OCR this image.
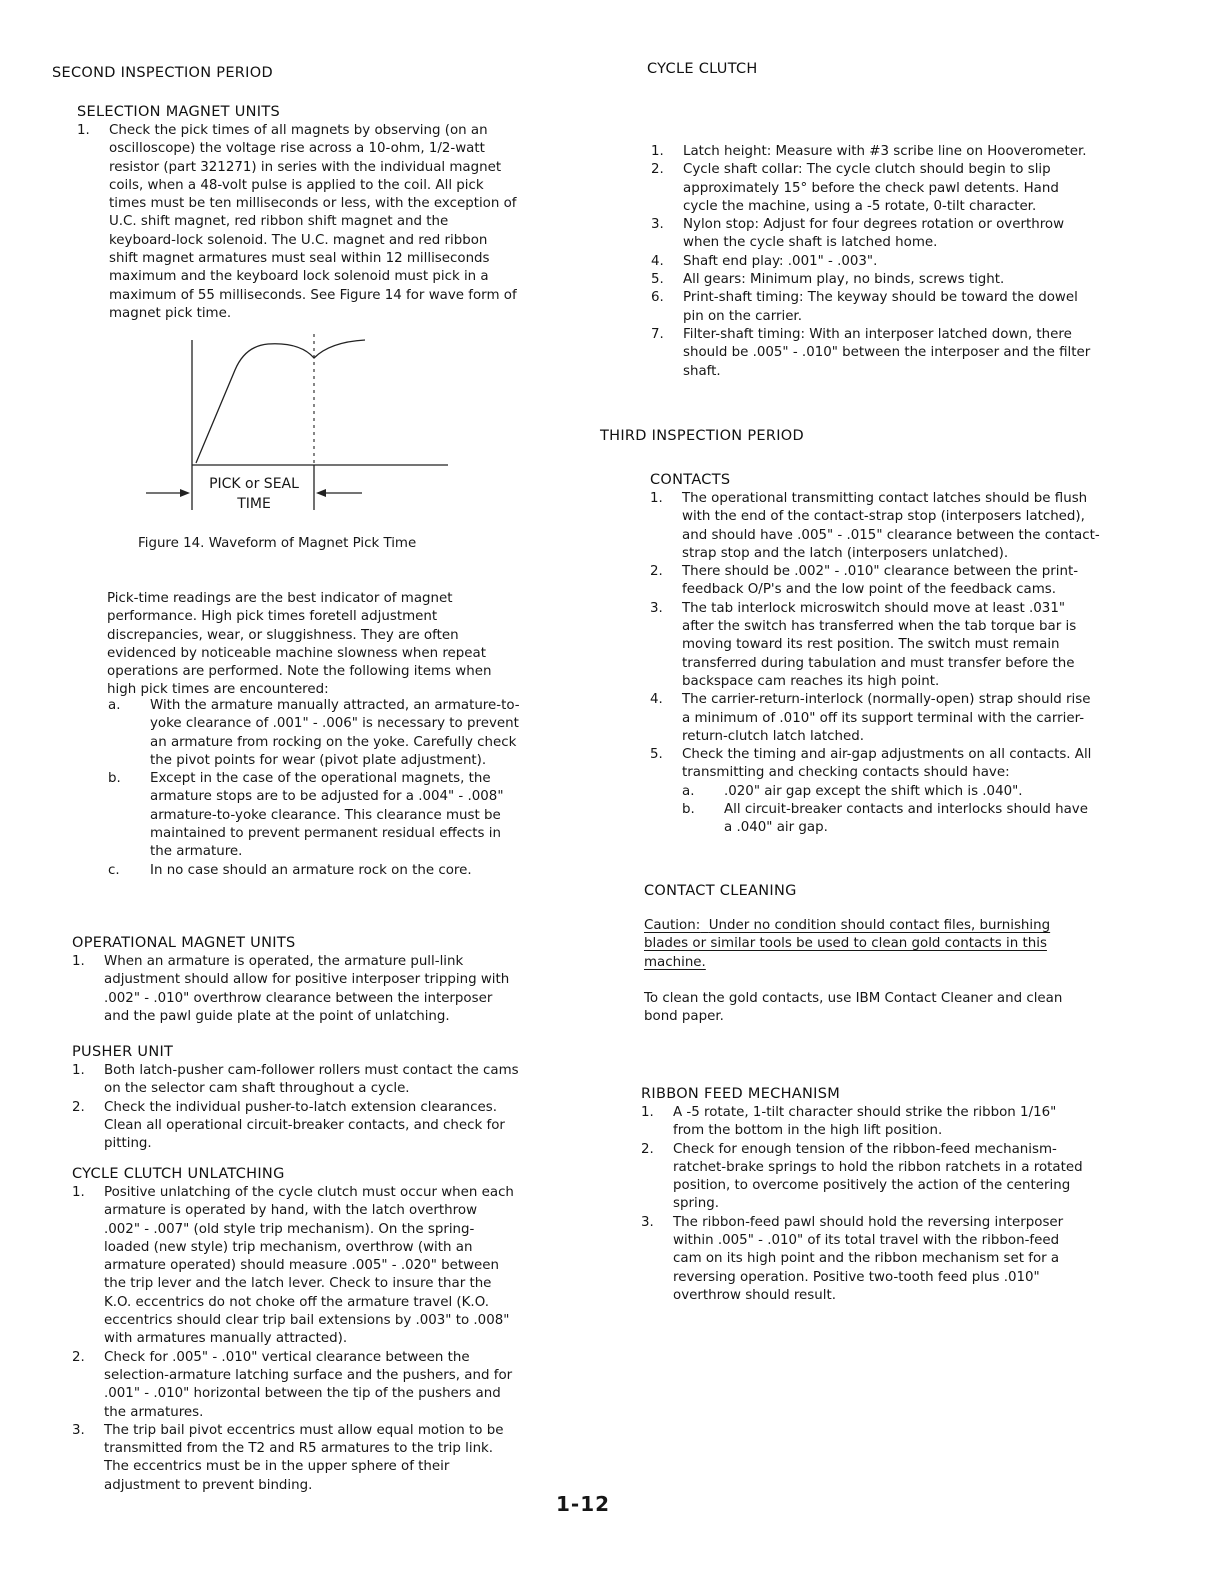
SECOND INSPECTION PERIOD
SELECTION MAGNET UNITS
1. Check the pick times of all magnets by observing (on an oscilloscope) the voltage rise across a 10-ohm, 1/2-watt resistor (part 321271) in series with the individual magnet coils, when a 48-volt pulse is applied to the coil. All pick times must be ten milliseconds or less, with the exception of U.C. shift magnet, red ribbon shift magnet and the keyboard-lock solenoid. The U.C. magnet and red ribbon shift magnet armatures must seal within 12 milliseconds maximum and the keyboard lock solenoid must pick in a maximum of 55 milliseconds. See Figure 14 for wave form of magnet pick time.
PICK or SEAL
TIME
Figure 14. Waveform of Magnet Pick Time

Pick-time readings are the best indicator of magnet performance. High pick times foretell adjustment discrepancies, wear, or sluggishness. They are often evidenced by noticeable machine slowness when repeat operations are performed. Note the following items when high pick times are encountered:

a. With the armature manually attracted, an armature-to-yoke clearance of .001" - .006" is necessary to prevent an armature from rocking on the yoke. Carefully check the pivot points for wear (pivot plate adjustment).
b. Except in the case of the operational magnets, the armature stops are to be adjusted for a .004" - .008" armature-to-yoke clearance. This clearance must be maintained to prevent permanent residual effects in the armature.
c. In no case should an armature rock on the core.
OPERATIONAL MAGNET UNITS
1. When an armature is operated, the armature pull-link adjustment should allow for positive interposer tripping with .002" - .010" overthrow clearance between the interposer and the pawl guide plate at the point of unlatching.
PUSHER UNIT
1. Both latch-pusher cam-follower rollers must contact the cams on the selector cam shaft throughout a cycle.
2. Check the individual pusher-to-latch extension clearances. Clean all operational circuit-breaker contacts, and check for pitting.
CYCLE CLUTCH UNLATCHING
1. Positive unlatching of the cycle clutch must occur when each armature is operated by hand, with the latch overthrow .002" - .007" (old style trip mechanism). On the spring-loaded (new style) trip mechanism, overthrow (with an armature operated) should measure .005" - .020" between the trip lever and the latch lever. Check to insure thar the K.O. eccentrics do not choke off the armature travel (K.O. eccentrics should clear trip bail extensions by .003" to .008" with armatures manually attracted).
2. Check for .005" - .010" vertical clearance between the selection-armature latching surface and the pushers, and for .001" - .010" horizontal between the tip of the pushers and the armatures.
3. The trip bail pivot eccentrics must allow equal motion to be transmitted from the T2 and R5 armatures to the trip link. The eccentrics must be in the upper sphere of their adjustment to prevent binding.
CYCLE CLUTCH
1. Latch height: Measure with #3 scribe line on Hooverometer.
2. Cycle shaft collar: The cycle clutch should begin to slip approximately 15° before the check pawl detents. Hand cycle the machine, using a -5 rotate, 0-tilt character.
3. Nylon stop: Adjust for four degrees rotation or overthrow when the cycle shaft is latched home.
4. Shaft end play: .001" - .003".
5. All gears: Minimum play, no binds, screws tight.
6. Print-shaft timing: The keyway should be toward the dowel pin on the carrier.
7. Filter-shaft timing: With an interposer latched down, there should be .005" - .010" between the interposer and the filter shaft.
THIRD INSPECTION PERIOD
CONTACTS
1. The operational transmitting contact latches should be flush with the end of the contact-strap stop (interposers latched), and should have .005" - .015" clearance between the contact-strap stop and the latch (interposers unlatched).
2. There should be .002" - .010" clearance between the print-feedback O/P's and the low point of the feedback cams.
3. The tab interlock microswitch should move at least .031" after the switch has transferred when the tab torque bar is moving toward its rest position. The switch must remain transferred during tabulation and must transfer before the backspace cam reaches its high point.
4. The carrier-return-interlock (normally-open) strap should rise a minimum of .010" off its support terminal with the carrier-return-clutch latch latched.
5. Check the timing and air-gap adjustments on all contacts. All transmitting and checking contacts should have:
a. .020" air gap except the shift which is .040".
b. All circuit-breaker contacts and interlocks should have a .040" air gap.
CONTACT CLEANING

Caution: Under no condition should contact files, burnishing blades or similar tools be used to clean gold contacts in this machine.

To clean the gold contacts, use IBM Contact Cleaner and clean bond paper.

RIBBON FEED MECHANISM
1. A -5 rotate, 1-tilt character should strike the ribbon 1/16" from the bottom in the high lift position.
2. Check for enough tension of the ribbon-feed mechanism-ratchet-brake springs to hold the ribbon ratchets in a rotated position, to overcome positively the action of the centering spring.
3. The ribbon-feed pawl should hold the reversing interposer within .005" - .010" of its total travel with the ribbon-feed cam on its high point and the ribbon mechanism set for a reversing operation. Positive two-tooth feed plus .010" overthrow should result.
1-12
